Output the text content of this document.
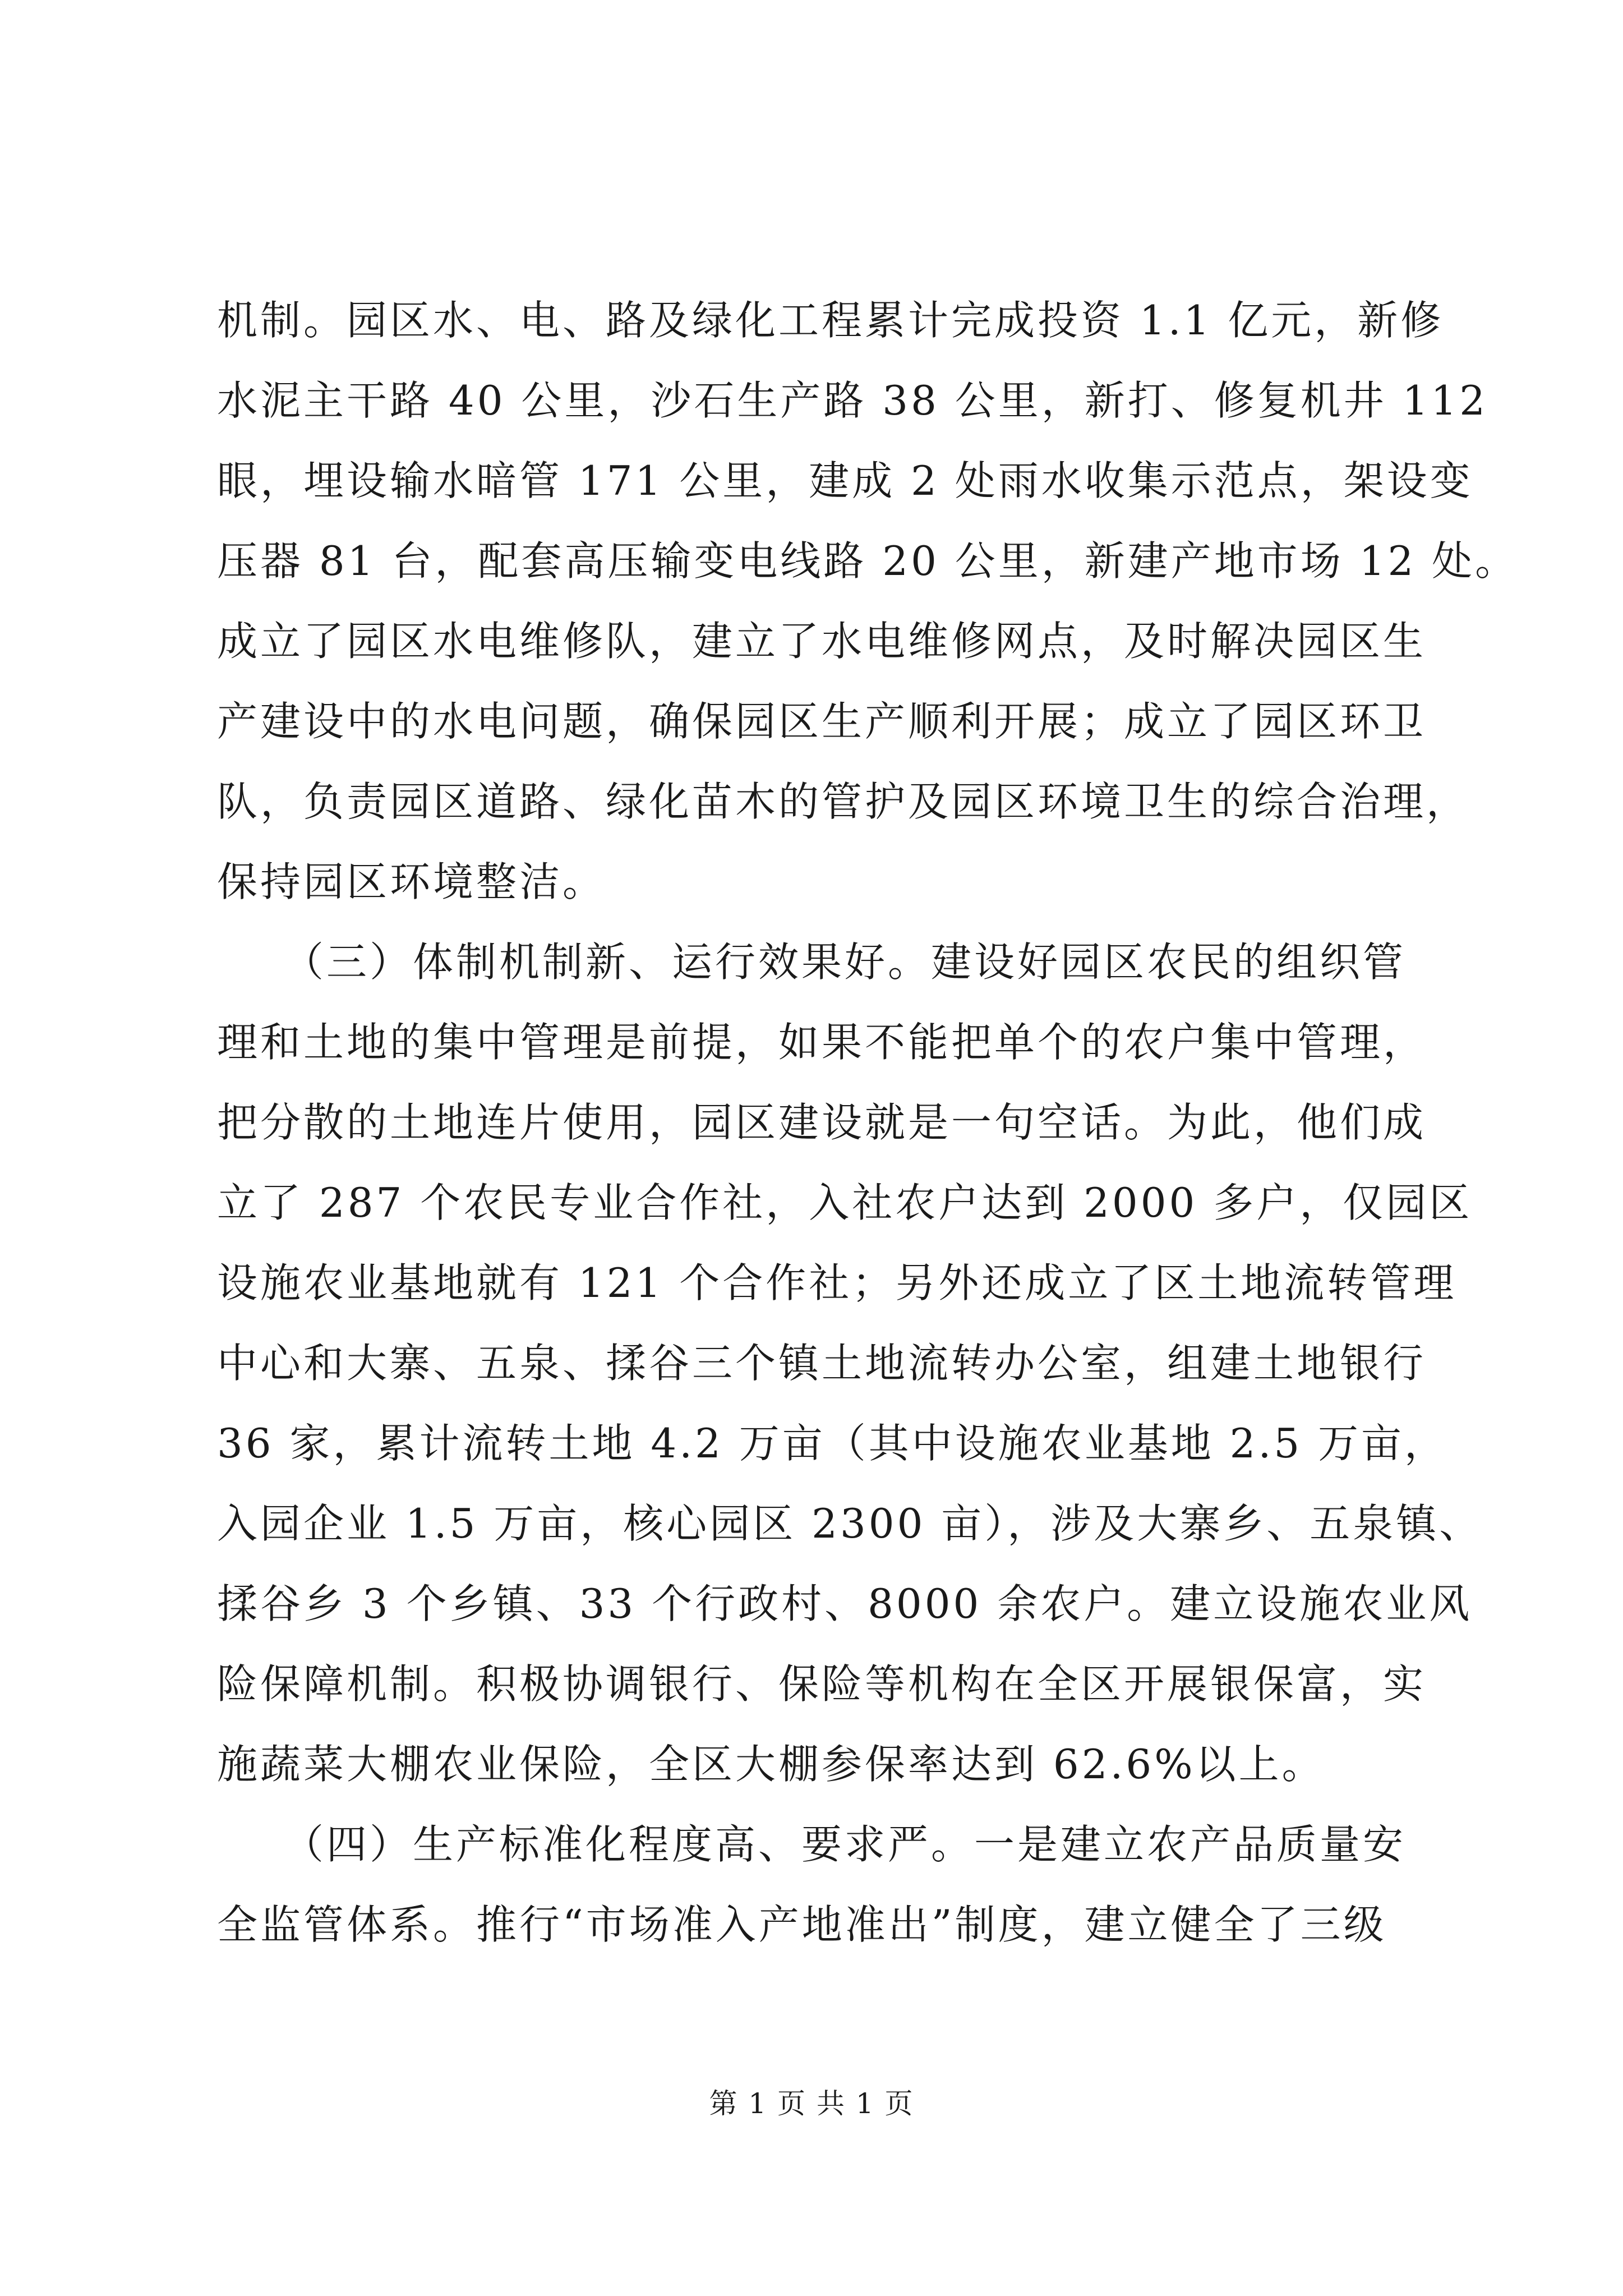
机制。园区水、电、路及绿化工程累计完成投资 1.1 亿元，新修
水泥主干路 40 公里，沙石生产路 38 公里，新打、修复机井 112
眼，埋设输水暗管 171 公里，建成 2 处雨水收集示范点，架设变
压器 81 台，配套高压输变电线路 20 公里，新建产地市场 12 处。
成立了园区水电维修队，建立了水电维修网点，及时解决园区生
产建设中的水电问题，确保园区生产顺利开展；成立了园区环卫
队，负责园区道路、绿化苗木的管护及园区环境卫生的综合治理，
保持园区环境整洁。
　　（三）体制机制新、运行效果好。建设好园区农民的组织管
理和土地的集中管理是前提，如果不能把单个的农户集中管理，
把分散的土地连片使用，园区建设就是一句空话。为此，他们成
立了 287 个农民专业合作社，入社农户达到 2000 多户，仅园区
设施农业基地就有 121 个合作社；另外还成立了区土地流转管理
中心和大寨、五泉、揉谷三个镇土地流转办公室，组建土地银行
36 家，累计流转土地 4.2 万亩（其中设施农业基地 2.5 万亩，
入园企业 1.5 万亩，核心园区 2300 亩），涉及大寨乡、五泉镇、
揉谷乡 3 个乡镇、33 个行政村、8000 余农户。建立设施农业风
险保障机制。积极协调银行、保险等机构在全区开展银保富，实
施蔬菜大棚农业保险，全区大棚参保率达到 62.6%以上。
　　（四）生产标准化程度高、要求严。一是建立农产品质量安
全监管体系。推行“市场准入产地准出”制度，建立健全了三级
第 1 页 共 1 页
